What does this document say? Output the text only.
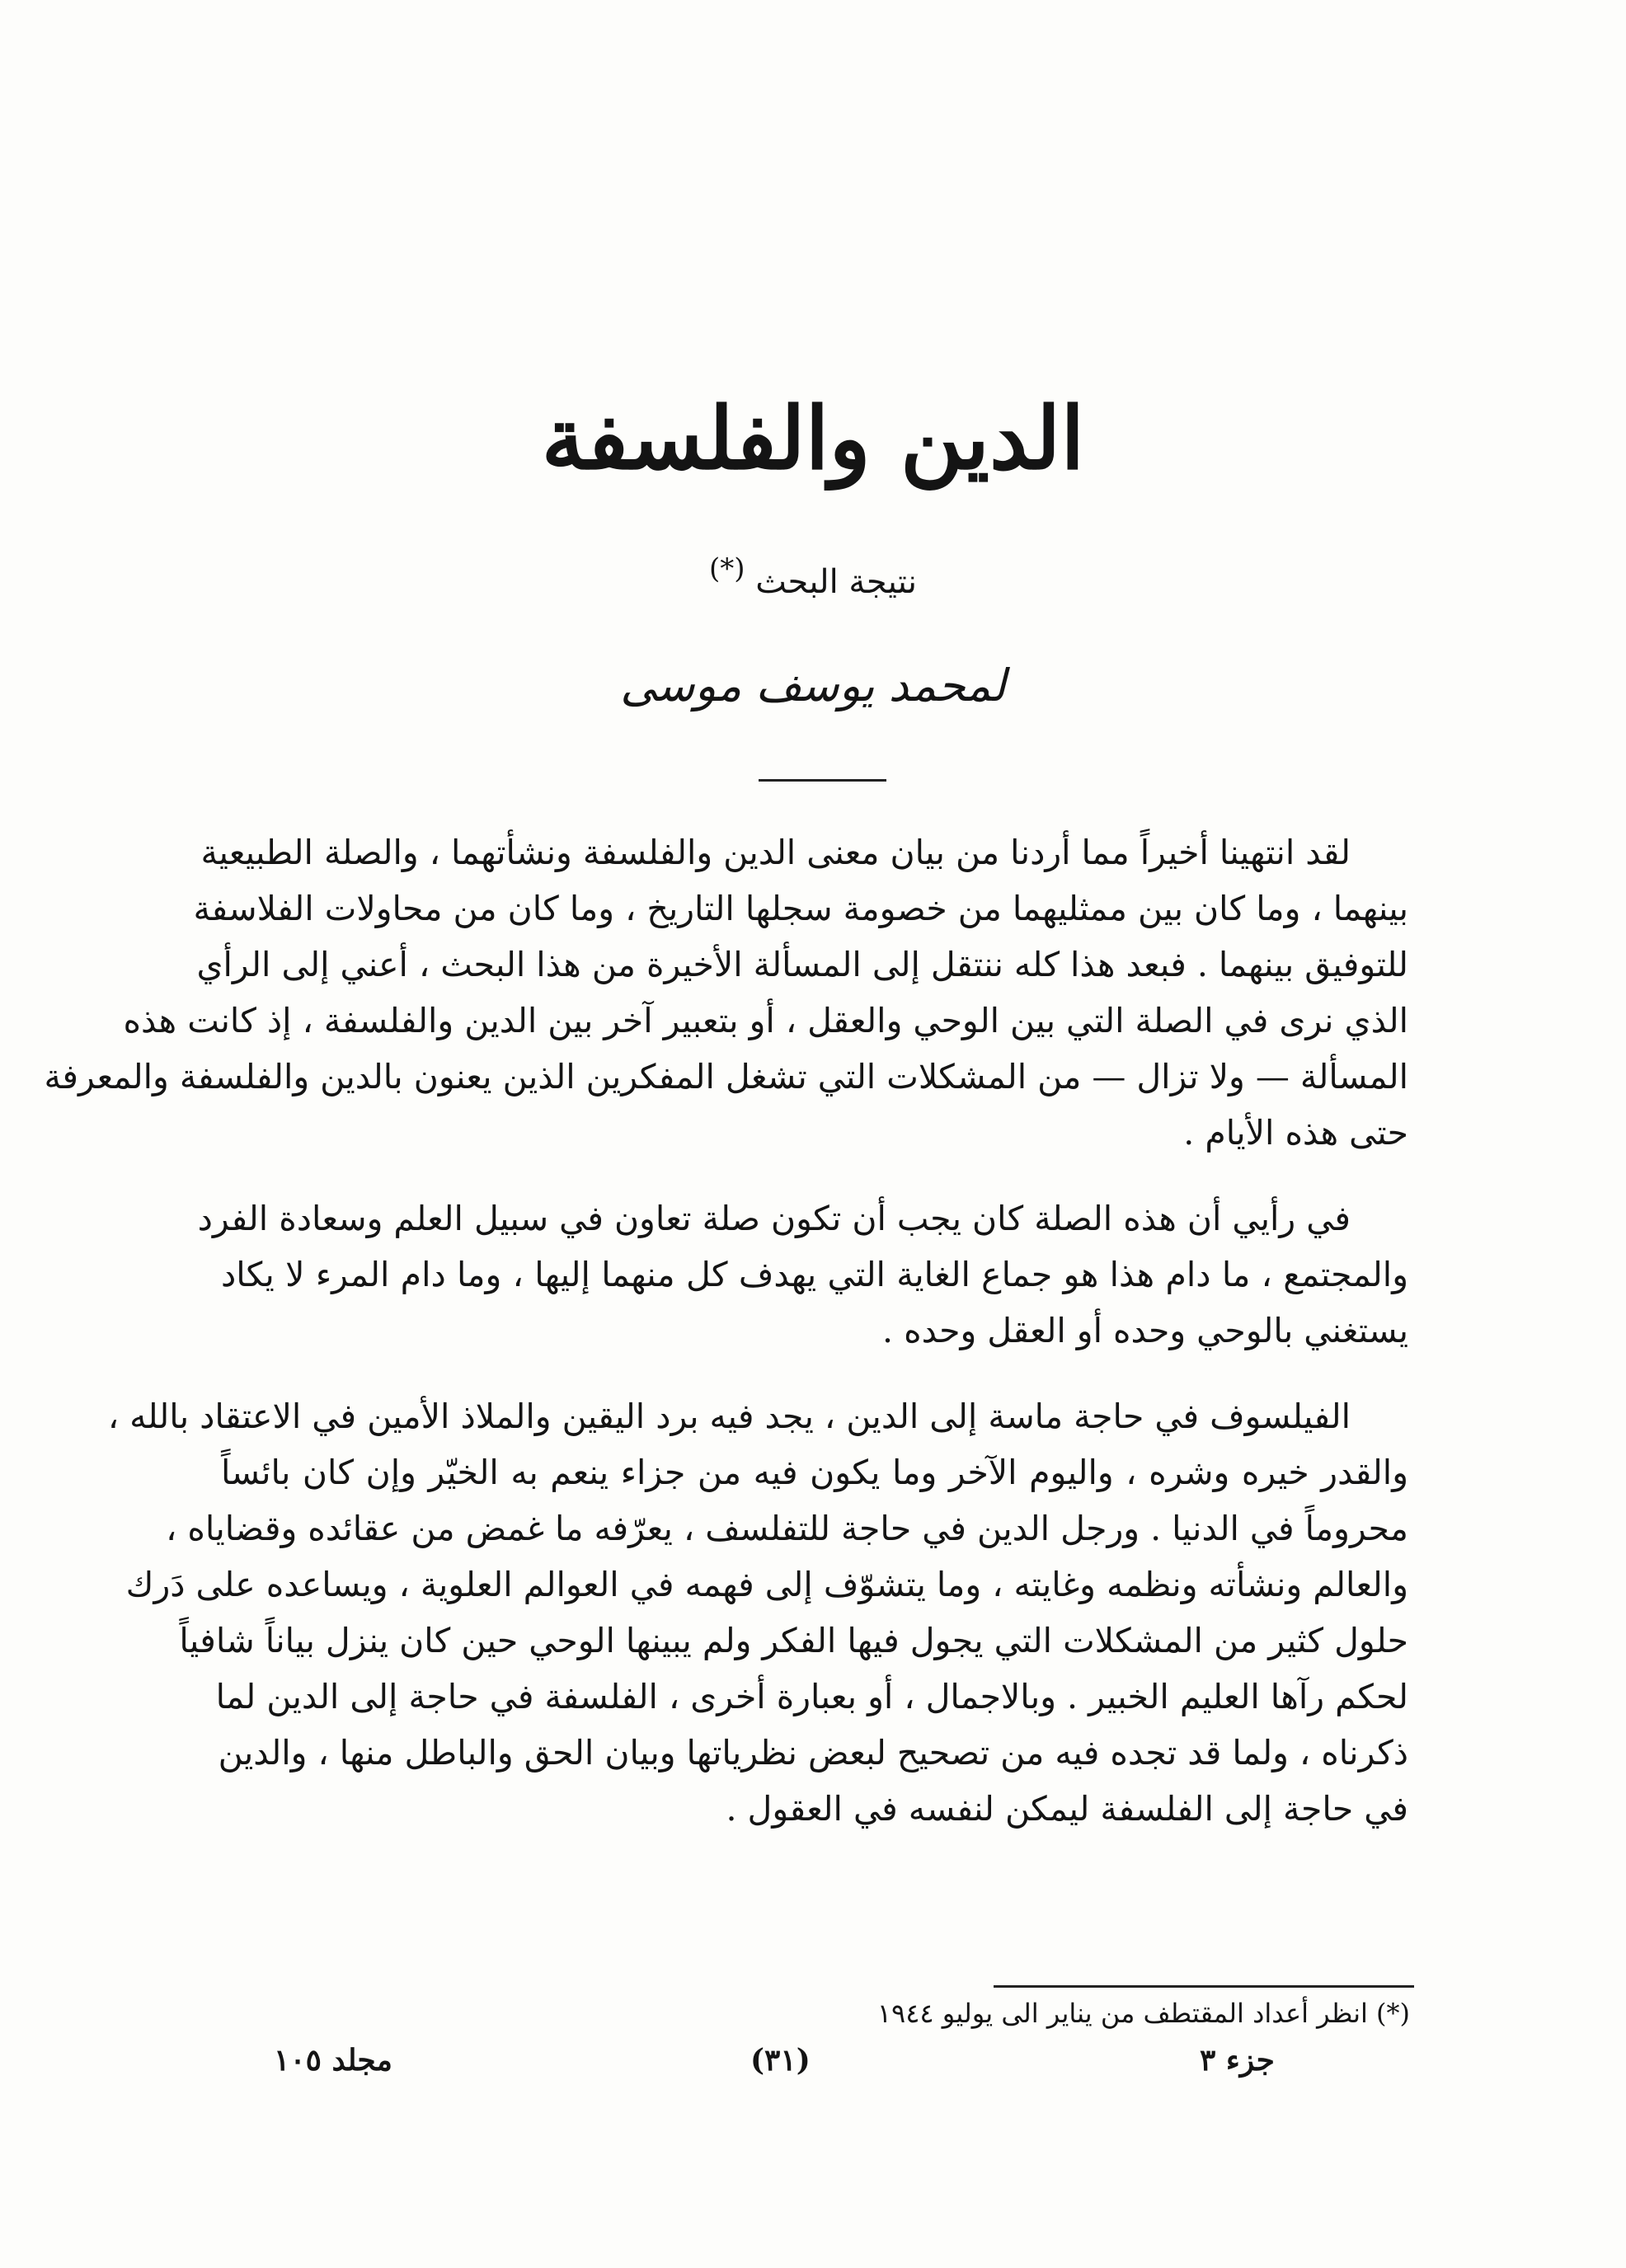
الدين والفلسفة
نتيجة البحث (*)
لمحمد يوسف موسى
لقد انتهينا أخيراً مما أردنا من بيان معنى الدين والفلسفة ونشأتهما ، والصلة الطبيعية
بينهما ، وما كان بين ممثليهما من خصومة سجلها التاريخ ، وما كان من محاولات الفلاسفة
للتوفيق بينهما . فبعد هذا كله ننتقل إلى المسألة الأخيرة من هذا البحث ، أعني إلى الرأي
الذي نرى في الصلة التي بين الوحي والعقل ، أو بتعبير آخر بين الدين والفلسفة ، إذ كانت هذه
المسألة — ولا تزال — من المشكلات التي تشغل المفكرين الذين يعنون بالدين والفلسفة والمعرفة
حتى هذه الأيام .
في رأيي أن هذه الصلة كان يجب أن تكون صلة تعاون في سبيل العلم وسعادة الفرد
والمجتمع ، ما دام هذا هو جماع الغاية التي يهدف كل منهما إليها ، وما دام المرء لا يكاد
يستغني بالوحي وحده أو العقل وحده .
الفيلسوف في حاجة ماسة إلى الدين ، يجد فيه برد اليقين والملاذ الأمين في الاعتقاد بالله ،
والقدر خيره وشره ، واليوم الآخر وما يكون فيه من جزاء ينعم به الخيّر وإن كان بائساً
محروماً في الدنيا . ورجل الدين في حاجة للتفلسف ، يعرّفه ما غمض من عقائده وقضاياه ،
والعالم ونشأته ونظمه وغايته ، وما يتشوّف إلى فهمه في العوالم العلوية ، ويساعده على دَرك
حلول كثير من المشكلات التي يجول فيها الفكر ولم يبينها الوحي حين كان ينزل بياناً شافياً
لحكم رآها العليم الخبير . وبالاجمال ، أو بعبارة أخرى ، الفلسفة في حاجة إلى الدين لما
ذكرناه ، ولما قد تجده فيه من تصحيح لبعض نظرياتها وبيان الحق والباطل منها ، والدين
في حاجة إلى الفلسفة ليمكن لنفسه في العقول .
(*) انظر أعداد المقتطف من يناير الى يوليو ١٩٤٤
جزء ٣
(٣١)
مجلد ١٠٥
